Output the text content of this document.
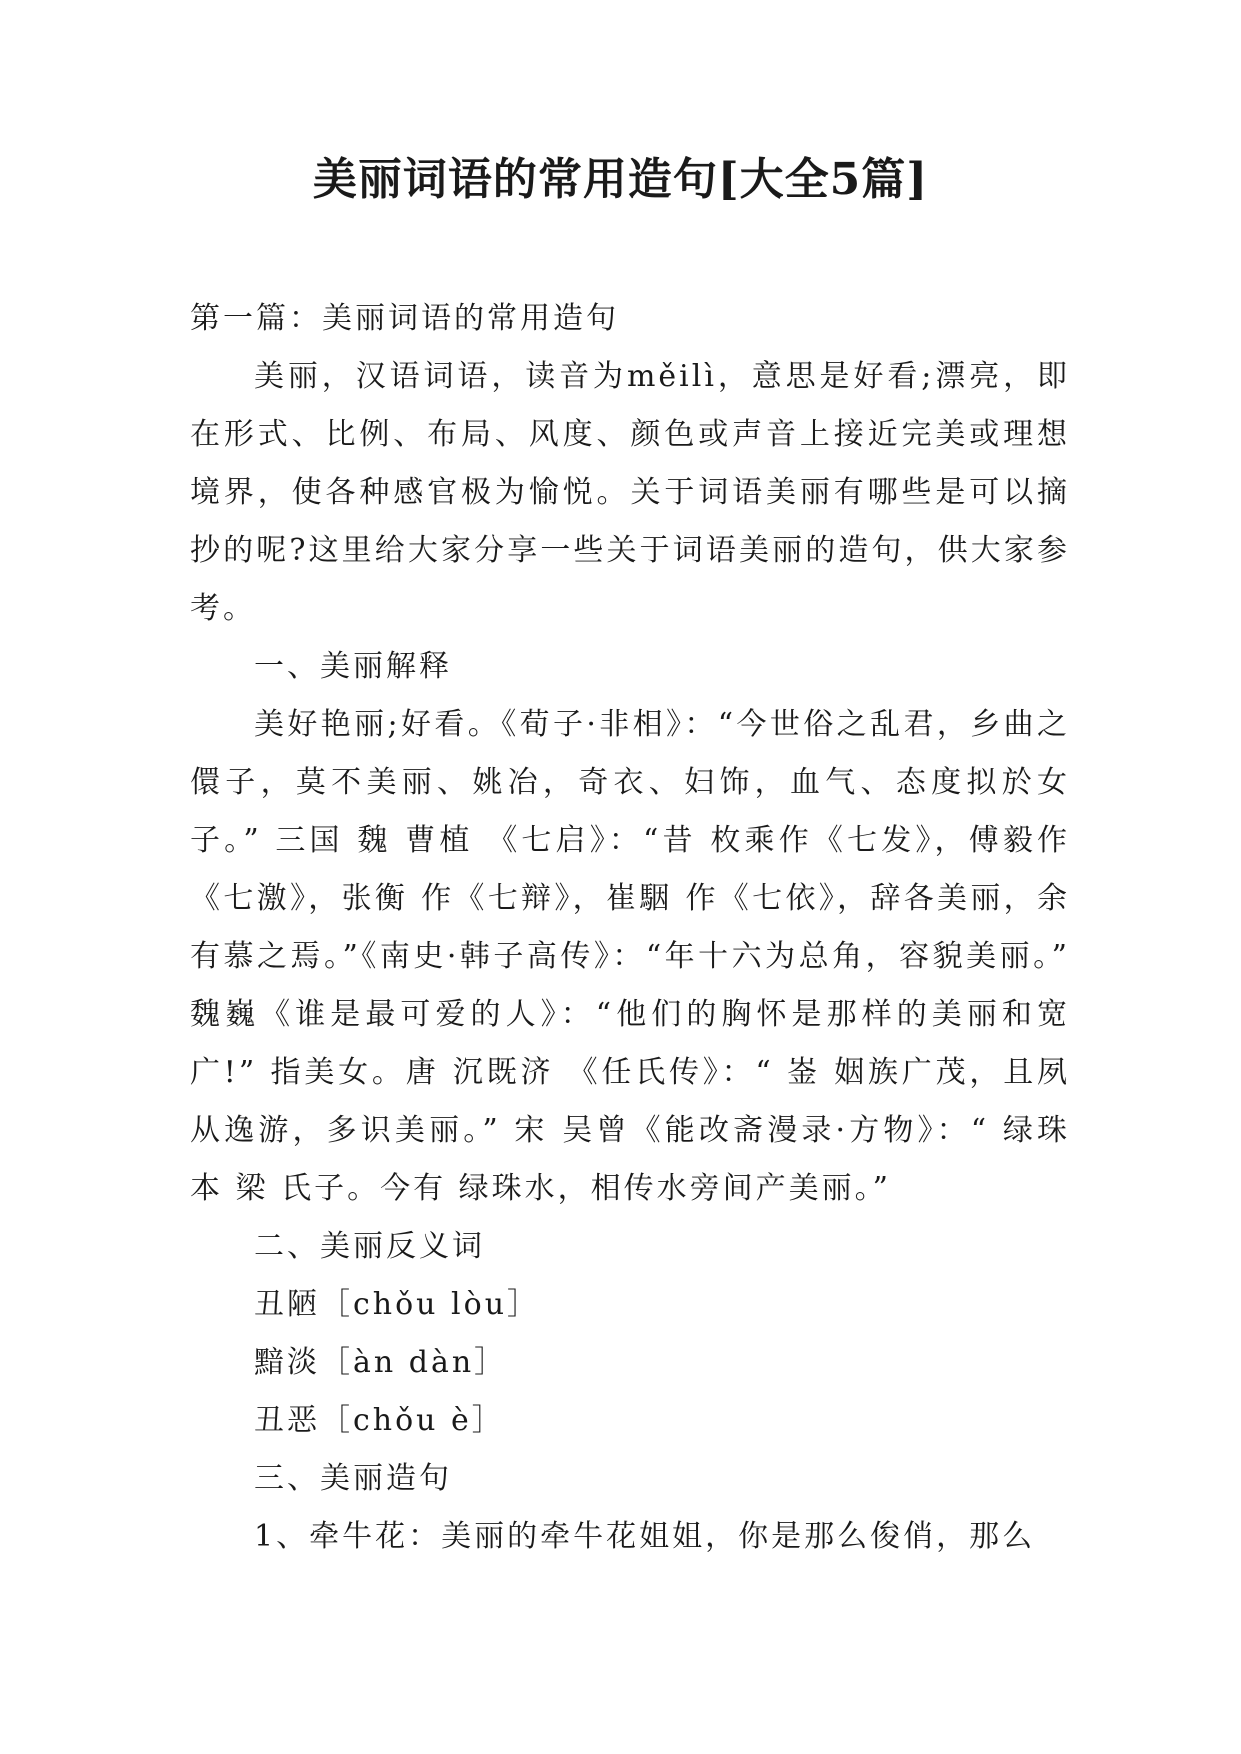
美丽词语的常用造句[大全5篇]

第一篇：美丽词语的常用造句

美丽，汉语词语，读音为měilì，意思是好看;漂亮，即在形式、比例、布局、风度、颜色或声音上接近完美或理想境界，使各种感官极为愉悦。关于词语美丽有哪些是可以摘抄的呢?这里给大家分享一些关于词语美丽的造句，供大家参考。

一、美丽解释

美好艳丽;好看。《荀子·非相》：“今世俗之乱君，乡曲之儇子，莫不美丽、姚冶，奇衣、妇饰，血气、态度拟於女子。” 三国 魏 曹植 《七启》：“昔 枚乘作《七发》，傅毅作《七激》，张衡 作《七辩》，崔駰 作《七依》，辞各美丽，余有慕之焉。”《南史·韩子高传》：“年十六为总角，容貌美丽。” 魏巍《谁是最可爱的人》：“他们的胸怀是那样的美丽和宽广!” 指美女。唐 沉既济 《任氏传》：“ 崟 姻族广茂，且夙从逸游，多识美丽。” 宋 吴曾《能改斋漫录·方物》：“ 绿珠 本 梁 氏子。今有 绿珠水，相传水旁间产美丽。”

二、美丽反义词

丑陋［chǒu lòu］

黯淡［àn dàn］

丑恶［chǒu è］

三、美丽造句

1、牵牛花：美丽的牵牛花姐姐，你是那么俊俏，那么
